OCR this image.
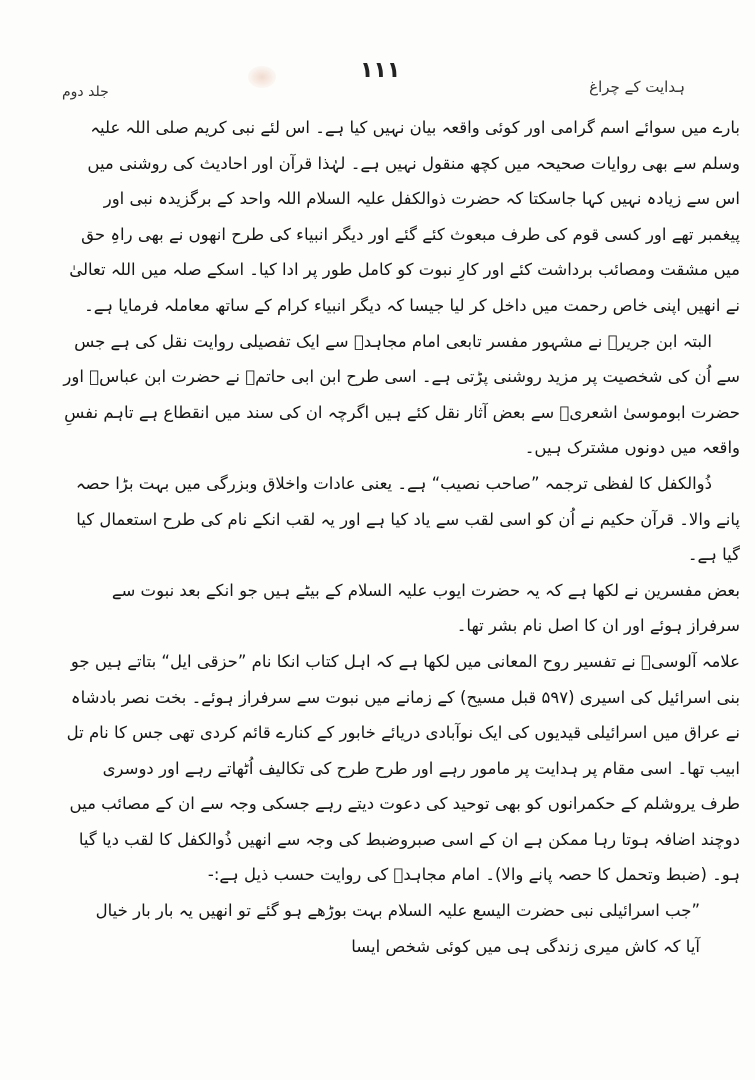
ہدایت کے چراغ
۱۱۱
جلد دوم

بارے میں سوائے اسم گرامی اور کوئی واقعہ بیان نہیں کیا ہے۔ اس لئے نبی کریم صلی اللہ علیہ وسلم سے بھی روایات صحیحہ میں کچھ منقول نہیں ہے۔ لہٰذا قرآن اور احادیث کی روشنی میں اس سے زیادہ نہیں کہا جاسکتا کہ حضرت ذوالکفل علیہ السلام اللہ واحد کے برگزیدہ نبی اور پیغمبر تھے اور کسی قوم کی طرف مبعوث کئے گئے اور دیگر انبیاء کی طرح انھوں نے بھی راہِ حق میں مشقت ومصائب برداشت کئے اور کارِ نبوت کو کامل طور پر ادا کیا۔ اسکے صلہ میں اللہ تعالیٰ نے انھیں اپنی خاص رحمت میں داخل کر لیا جیسا کہ دیگر انبیاء کرام کے ساتھ معاملہ فرمایا ہے۔

البتہ ابن جریرؒ نے مشہور مفسر تابعی امام مجاہدؒ سے ایک تفصیلی روایت نقل کی ہے جس سے اُن کی شخصیت پر مزید روشنی پڑتی ہے۔ اسی طرح ابن ابی حاتمؒ نے حضرت ابن عباسؓ اور حضرت ابوموسیٰ اشعریؓ سے بعض آثار نقل کئے ہیں اگرچہ ان کی سند میں انقطاع ہے تاہم نفسِ واقعہ میں دونوں مشترک ہیں۔

ذُوالکفل کا لفظی ترجمہ ”صاحب نصیب“ ہے۔ یعنی عادات واخلاق وبزرگی میں بہت بڑا حصہ پانے والا۔ قرآن حکیم نے اُن کو اسی لقب سے یاد کیا ہے اور یہ لقب انکے نام کی طرح استعمال کیا گیا ہے۔

بعض مفسرین نے لکھا ہے کہ یہ حضرت ایوب علیہ السلام کے بیٹے ہیں جو انکے بعد نبوت سے سرفراز ہوئے اور ان کا اصل نام بشر تھا۔

علامہ آلوسیؒ نے تفسیر روح المعانی میں لکھا ہے کہ اہل کتاب انکا نام ”حزقی ایل“ بتاتے ہیں جو بنی اسرائیل کی اسیری (۵۹۷ قبل مسیح) کے زمانے میں نبوت سے سرفراز ہوئے۔ بخت نصر بادشاہ نے عراق میں اسرائیلی قیدیوں کی ایک نوآبادی دریائے خابور کے کنارے قائم کردی تھی جس کا نام تل ابیب تھا۔ اسی مقام پر ہدایت پر مامور رہے اور طرح طرح کی تکالیف اُٹھاتے رہے اور دوسری طرف یروشلم کے حکمرانوں کو بھی توحید کی دعوت دیتے رہے جسکی وجہ سے ان کے مصائب میں دوچند اضافہ ہوتا رہا ممکن ہے ان کے اسی صبروضبط کی وجہ سے انھیں ذُوالکفل کا لقب دیا گیا ہو۔ (ضبط وتحمل کا حصہ پانے والا)۔ امام مجاہدؒ کی روایت حسب ذیل ہے:-

”جب اسرائیلی نبی حضرت الیسع علیہ السلام بہت بوڑھے ہو گئے تو انھیں یہ بار بار خیال آیا کہ کاش میری زندگی ہی میں کوئی شخص ایسا
